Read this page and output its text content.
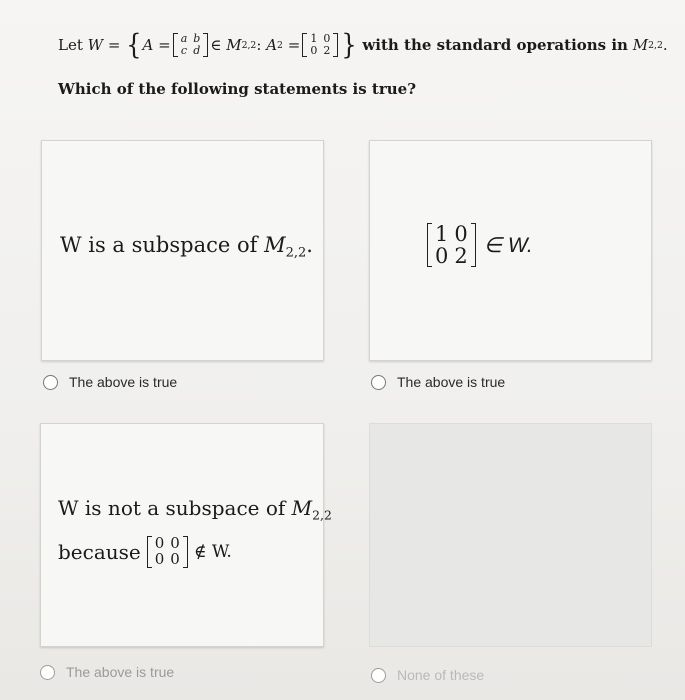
Let
W
=
{ A
= a	b
c	d ∈
M 2,2 :
A 2
= 1	0
0	2 }
with the standard operations in
M 2,2 .
Which of the following statements is true?
W is a subspace of $M_{2,2}$.
The above is true
1	0
0	2 ∈ W.
The above is true
W is not a subspace of $M_{2,2}$
because 0	0
0	0 ∉ W.
The above is true	None of these
